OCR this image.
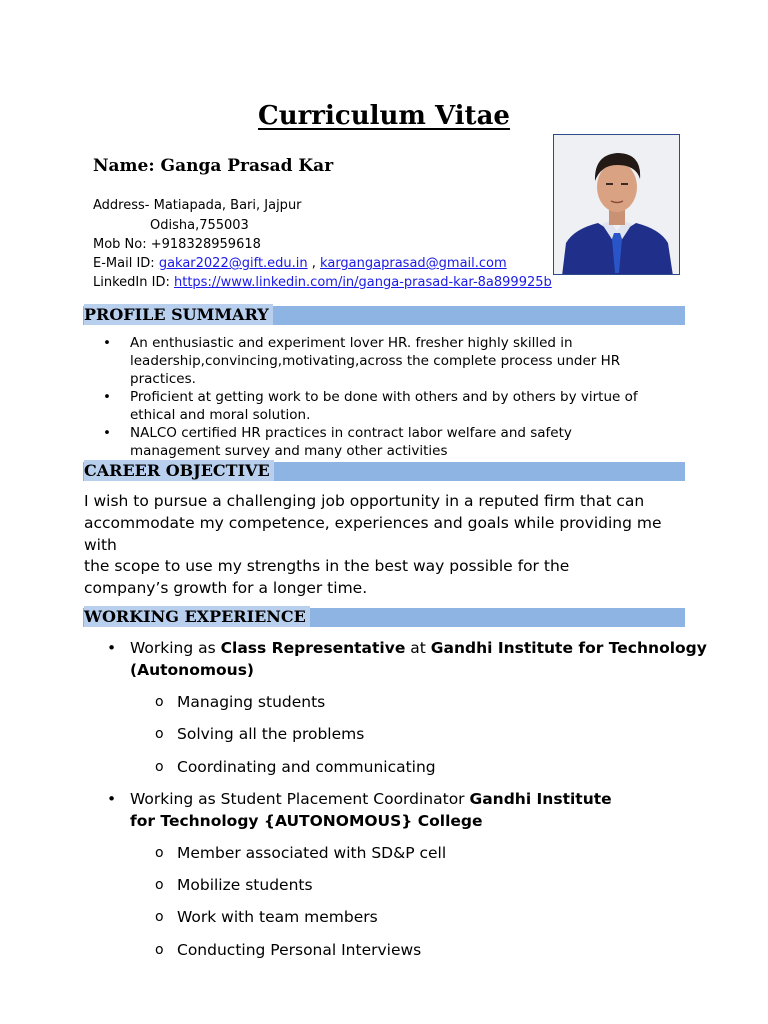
Curriculum Vitae
Name: Ganga Prasad Kar
Address- Matiapada, Bari, Jajpur
Odisha,755003
Mob No: +918328959618
E-Mail ID: gakar2022@gift.edu.in , kargangaprasad@gmail.com
LinkedIn ID: https://www.linkedin.com/in/ganga-prasad-kar-8a899925b
PROFILE SUMMARY
• An enthusiastic and experiment lover HR. fresher highly skilled in leadership,convincing,motivating,across the complete process under HR practices.
• Proficient at getting work to be done with others and by others by virtue of ethical and moral solution.
• NALCO certified HR practices in contract labor welfare and safety management survey and many other activities
CAREER OBJECTIVE
I wish to pursue a challenging job opportunity in a reputed firm that can
accommodate my competence, experiences and goals while providing me with
the scope to use my strengths in the best way possible for the
company’s growth for a longer time.
WORKING EXPERIENCE
• Working as Class Representative at Gandhi Institute for Technology
(Autonomous)
o Managing students
o Solving all the problems
o Coordinating and communicating
• Working as Student Placement Coordinator Gandhi Institute
for Technology {AUTONOMOUS} College
o Member associated with SD&P cell
o Mobilize students
o Work with team members
o Conducting Personal Interviews
